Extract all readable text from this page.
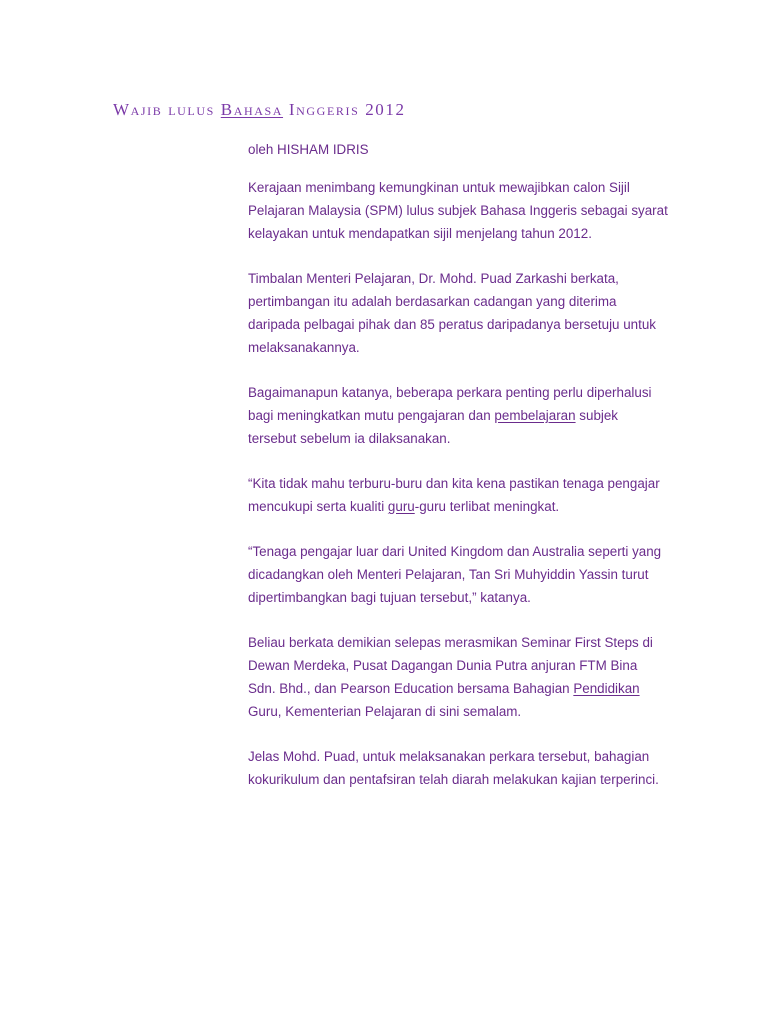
Wajib lulus Bahasa Inggeris 2012

oleh HISHAM IDRIS

Kerajaan menimbang kemungkinan untuk mewajibkan calon Sijil Pelajaran Malaysia (SPM) lulus subjek Bahasa Inggeris sebagai syarat kelayakan untuk mendapatkan sijil menjelang tahun 2012.

Timbalan Menteri Pelajaran, Dr. Mohd. Puad Zarkashi berkata, pertimbangan itu adalah berdasarkan cadangan yang diterima daripada pelbagai pihak dan 85 peratus daripadanya bersetuju untuk melaksanakannya.

Bagaimanapun katanya, beberapa perkara penting perlu diperhalusi bagi meningkatkan mutu pengajaran dan pembelajaran subjek tersebut sebelum ia dilaksanakan.

“Kita tidak mahu terburu-buru dan kita kena pastikan tenaga pengajar mencukupi serta kualiti guru-guru terlibat meningkat.

“Tenaga pengajar luar dari United Kingdom dan Australia seperti yang dicadangkan oleh Menteri Pelajaran, Tan Sri Muhyiddin Yassin turut dipertimbangkan bagi tujuan tersebut,” katanya.

Beliau berkata demikian selepas merasmikan Seminar First Steps di Dewan Merdeka, Pusat Dagangan Dunia Putra anjuran FTM Bina Sdn. Bhd., dan Pearson Education bersama Bahagian Pendidikan Guru, Kementerian Pelajaran di sini semalam.

Jelas Mohd. Puad, untuk melaksanakan perkara tersebut, bahagian kokurikulum dan pentafsiran telah diarah melakukan kajian terperinci.
